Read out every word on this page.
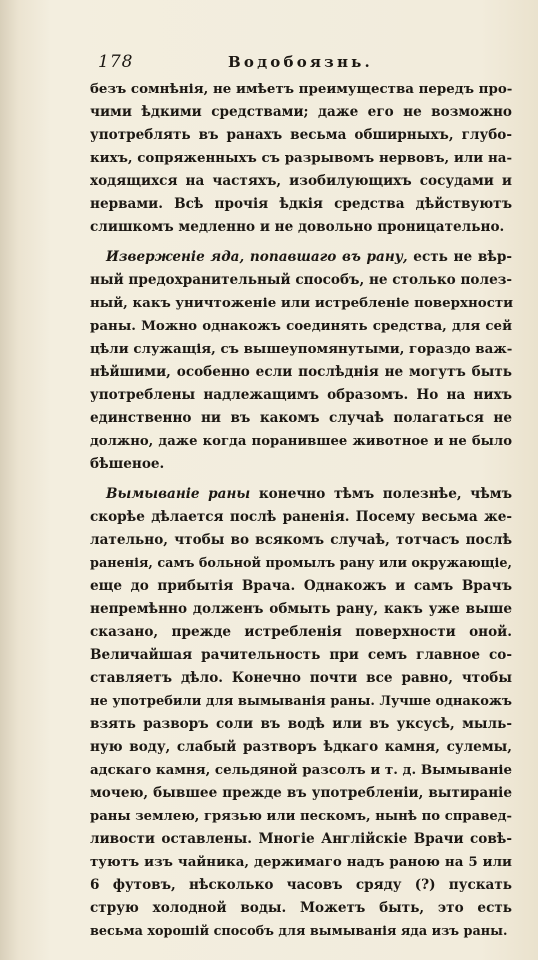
178	Водобоязнь.
безъ сомнѣнія, не имѣетъ преимущества передъ про-
чими ѣдкими средствами; даже его не возможно
употреблять въ ранахъ весьма обширныхъ, глубо-
кихъ, сопряженныхъ съ разрывомъ нервовъ, или на-
ходящихся на частяхъ, изобилующихъ сосудами и
нервами. Всѣ прочія ѣдкія средства дѣйствуютъ
слишкомъ медленно и не довольно проницательно.
Изверженіе яда, попавшаго въ рану, есть не вѣр-
ный предохранительный способъ, не столько полез-
ный, какъ уничтоженіе или истребленіе поверхности
раны. Можно однакожъ соединять средства, для сей
цѣли служащія, съ вышеупомянутыми, гораздо важ-
нѣйшими, особенно если послѣднія не могутъ быть
употреблены надлежащимъ образомъ. Но на нихъ
единственно ни въ какомъ случаѣ полагаться не
должно, даже когда поранившее животное и не было
бѣшеное.
Вымываніе раны конечно тѣмъ полезнѣе, чѣмъ
скорѣе дѣлается послѣ раненія. Посему весьма же-
лательно, чтобы во всякомъ случаѣ, тотчасъ послѣ
раненія, самъ больной промылъ рану или окружающіе,
еще до прибытія Врача. Однакожъ и самъ Врачъ
непремѣнно долженъ обмыть рану, какъ уже выше
сказано, прежде истребленія поверхности оной.
Величайшая рачительность при семъ главное со-
ставляетъ дѣло. Конечно почти все равно, чтобы
не употребили для вымыванія раны. Лучше однакожъ
взять разворъ соли въ водѣ или въ уксусѣ, мыль-
ную воду, слабый разтворъ ѣдкаго камня, сулемы,
адскаго камня, сельдяной разсолъ и т. д. Вымываніе
мочею, бывшее прежде въ употребленіи, вытираніе
раны землею, грязью или пескомъ, нынѣ по справед-
ливости оставлены. Многіе Англійскіе Врачи совѣ-
туютъ изъ чайника, держимаго надъ раною на 5 или
6 футовъ, нѣсколько часовъ сряду (?) пускать
струю холодной воды. Можетъ быть, это есть
весьма хорошій способъ для вымыванія яда изъ раны.
